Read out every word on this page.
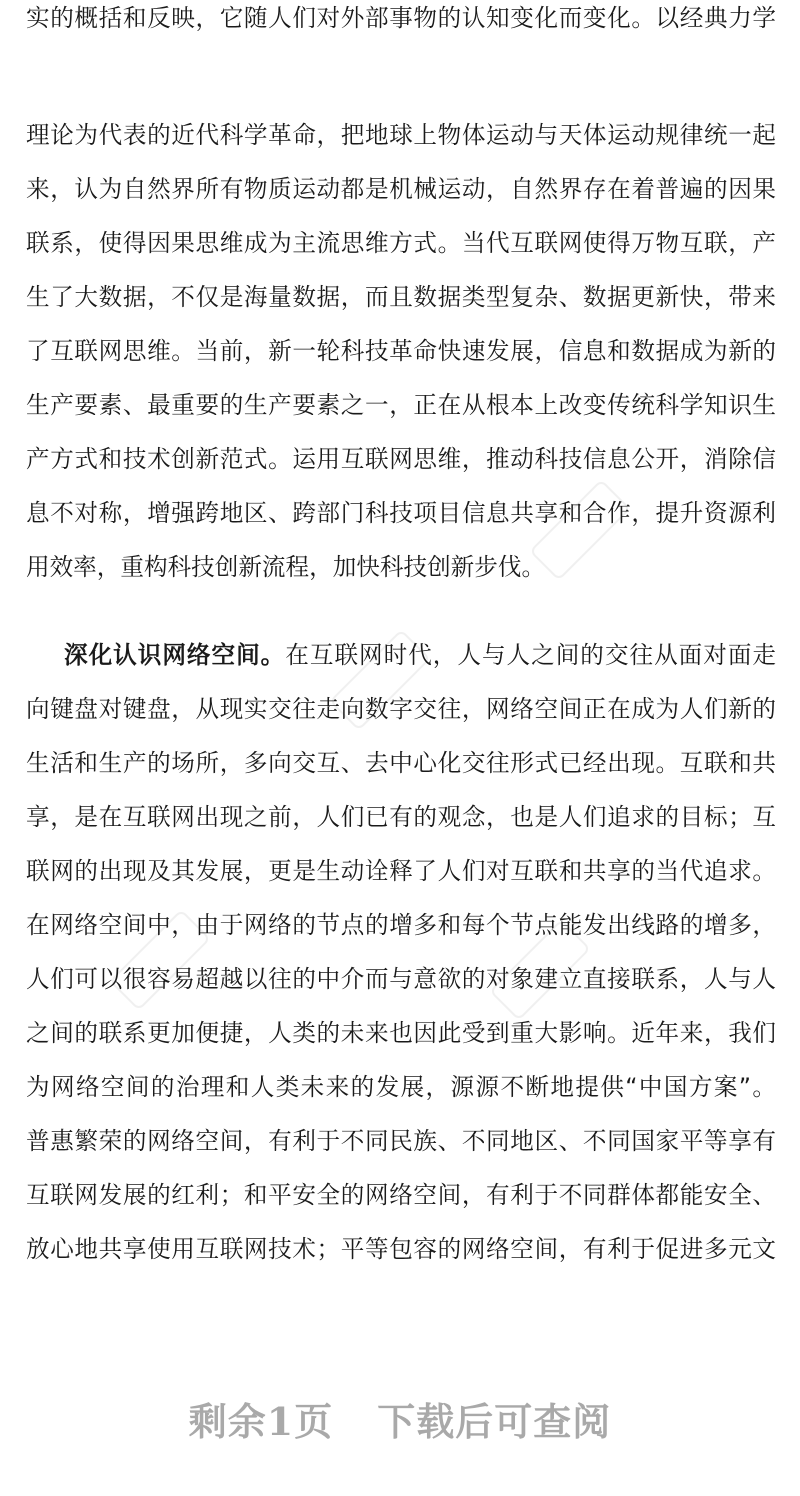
实的概括和反映，它随人们对外部事物的认知变化而变化。以经典力学
理论为代表的近代科学革命，把地球上物体运动与天体运动规律统一起
来，认为自然界所有物质运动都是机械运动，自然界存在着普遍的因果
联系，使得因果思维成为主流思维方式。当代互联网使得万物互联，产
生了大数据，不仅是海量数据，而且数据类型复杂、数据更新快，带来
了互联网思维。当前，新一轮科技革命快速发展，信息和数据成为新的
生产要素、最重要的生产要素之一，正在从根本上改变传统科学知识生
产方式和技术创新范式。运用互联网思维，推动科技信息公开，消除信
息不对称，增强跨地区、跨部门科技项目信息共享和合作，提升资源利
用效率，重构科技创新流程，加快科技创新步伐。
深化认识网络空间。在互联网时代，人与人之间的交往从面对面走
向键盘对键盘，从现实交往走向数字交往，网络空间正在成为人们新的
生活和生产的场所，多向交互、去中心化交往形式已经出现。互联和共
享，是在互联网出现之前，人们已有的观念，也是人们追求的目标；互
联网的出现及其发展，更是生动诠释了人们对互联和共享的当代追求。
在网络空间中，由于网络的节点的增多和每个节点能发出线路的增多，
人们可以很容易超越以往的中介而与意欲的对象建立直接联系，人与人
之间的联系更加便捷，人类的未来也因此受到重大影响。近年来，我们
为网络空间的治理和人类未来的发展，源源不断地提供“中国方案”。
普惠繁荣的网络空间，有利于不同民族、不同地区、不同国家平等享有
互联网发展的红利；和平安全的网络空间，有利于不同群体都能安全、
放心地共享使用互联网技术；平等包容的网络空间，有利于促进多元文
剩余1页 下载后可查阅
